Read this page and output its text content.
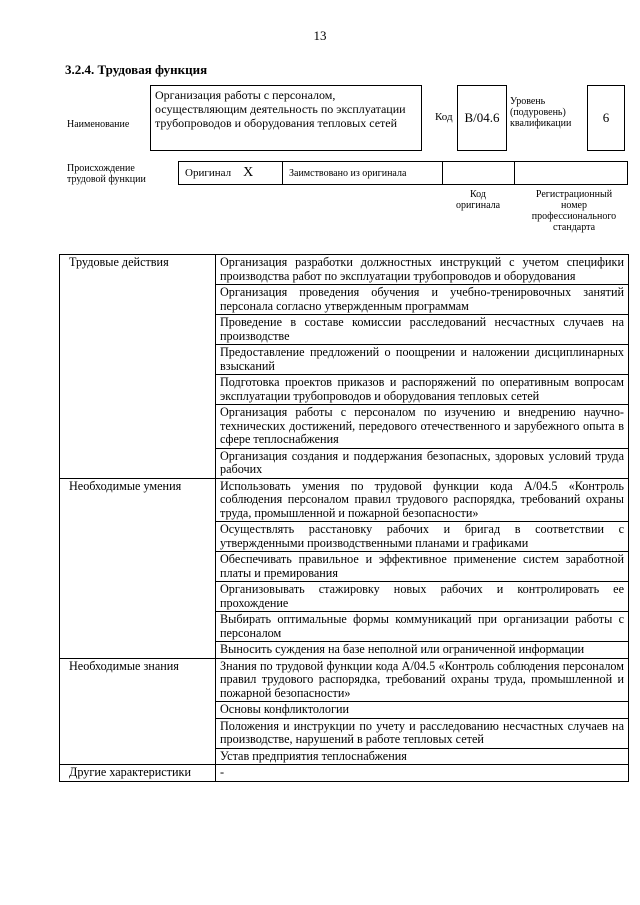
13
3.2.4. Трудовая функция
Наименование
Организация работы с персоналом, осуществляющим деятельность по эксплуатации трубопроводов и оборудования тепловых сетей	Код B/04.6
Уровень
(подуровень)
квалификации	6
Происхождение
трудовой функции
Оригинал X	Заимствовано из оригинала
Код
оригинала
Регистрационный
номер
профессионального
стандарта
Трудовые действия	Организация разработки должностных инструкций с учетом специфики производства работ по эксплуатации трубопроводов и оборудования
	Организация проведения обучения и учебно-тренировочных занятий персонала согласно утвержденным программам
	Проведение в составе комиссии расследований несчастных случаев на производстве
	Предоставление предложений о поощрении и наложении дисциплинарных взысканий
	Подготовка проектов приказов и распоряжений по оперативным вопросам эксплуатации трубопроводов и оборудования тепловых сетей
	Организация работы с персоналом по изучению и внедрению научно-технических достижений, передового отечественного и зарубежного опыта в сфере теплоснабжения
	Организация создания и поддержания безопасных, здоровых условий труда рабочих
Необходимые умения	Использовать умения по трудовой функции кода A/04.5 «Контроль соблюдения персоналом правил трудового распорядка, требований охраны труда, промышленной и пожарной безопасности»
	Осуществлять расстановку рабочих и бригад в соответствии с утвержденными производственными планами и графиками
	Обеспечивать правильное и эффективное применение систем заработной платы и премирования
	Организовывать стажировку новых рабочих и контролировать ее прохождение
	Выбирать оптимальные формы коммуникаций при организации работы с персоналом
	Выносить суждения на базе неполной или ограниченной информации
Необходимые знания	Знания по трудовой функции кода A/04.5 «Контроль соблюдения персоналом правил трудового распорядка, требований охраны труда, промышленной и пожарной безопасности»
	Основы конфликтологии
	Положения и инструкции по учету и расследованию несчастных случаев на производстве, нарушений в работе тепловых сетей
	Устав предприятия теплоснабжения
Другие характеристики	-
